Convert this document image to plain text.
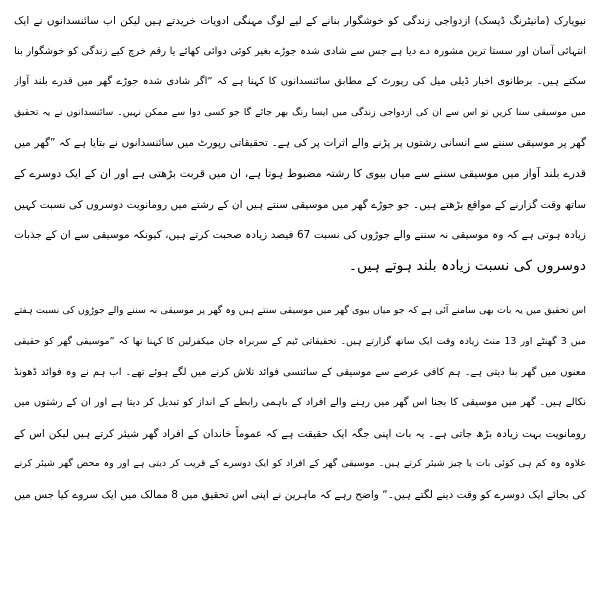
نیویارک (مانیٹرنگ ڈیسک) ازدواجی زندگی کو خوشگوار بنانے کے لیے لوگ مہنگی ادویات خریدتے ہیں لیکن اب سائنسدانوں نے ایک
انتہائی آسان اور سستا ترین مشورہ دے دیا ہے جس سے شادی شدہ جوڑے بغیر کوئی دوائی کھائے یا رقم خرچ کیے زندگی کو خوشگوار بنا
سکتے ہیں۔ برطانوی اخبار ڈیلی میل کی رپورٹ کے مطابق سائنسدانوں کا کہنا ہے کہ ”اگر شادی شدہ جوڑے گھر میں قدرے بلند آواز
میں موسیقی سنا کریں تو اس سے ان کی ازدواجی زندگی میں ایسا رنگ بھر جائے گا جو کسی دوا سے ممکن نہیں۔ سائنسدانوں نے یہ تحقیق
گھر پر موسیقی سننے سے انسانی رشتوں پر پڑنے والے اثرات پر کی ہے۔ تحقیقاتی رپورٹ میں سائنسدانوں نے بتایا ہے کہ ”گھر میں
قدرے بلند آواز میں موسیقی سننے سے میاں بیوی کا رشتہ مضبوط ہوتا ہے، ان میں قربت بڑھتی ہے اور ان کے ایک دوسرے کے
ساتھ وقت گزارنے کے مواقع بڑھتے ہیں۔ جو جوڑے گھر میں موسیقی سنتے ہیں ان کے رشتے میں رومانویت دوسروں کی نسبت کہیں
زیادہ ہوتی ہے کہ وہ موسیقی نہ سننے والے جوڑوں کی نسبت 67 فیصد زیادہ صحبت کرتے ہیں، کیونکہ موسیقی سے ان کے جذبات
دوسروں کی نسبت زیادہ بلند ہوتے ہیں۔
اس تحقیق میں یہ بات بھی سامنے آئی ہے کہ جو میاں بیوی گھر میں موسیقی سنتے ہیں وہ گھر پر موسیقی نہ سننے والے جوڑوں کی نسبت ہفتے
میں 3 گھنٹے اور 13 منٹ زیادہ وقت ایک ساتھ گزارتے ہیں۔ تحقیقاتی ٹیم کے سربراہ جان میکفرلین کا کہنا تھا کہ ”موسیقی گھر کو حقیقی
معنوں میں گھر بنا دیتی ہے۔ ہم کافی عرصے سے موسیقی کے سائنسی فوائد تلاش کرنے میں لگے ہوئے تھے۔ اب ہم نے وہ فوائد ڈھونڈ
نکالے ہیں۔ گھر میں موسیقی کا بجنا اس گھر میں رہنے والے افراد کے باہمی رابطے کے انداز کو تبدیل کر دیتا ہے اور ان کے رشتوں میں
رومانویت بہت زیادہ بڑھ جاتی ہے۔ یہ بات اپنی جگہ ایک حقیقت ہے کہ عموماً خاندان کے افراد گھر شیئر کرتے ہیں لیکن اس کے
علاوہ وہ کم ہی کوئی بات یا چیز شیئر کرتے ہیں۔ موسیقی گھر کے افراد کو ایک دوسرے کے قریب کر دیتی ہے اور وہ محض گھر شیئر کرنے
کی بجائے ایک دوسرے کو وقت دینے لگتے ہیں۔“ واضح رہے کہ ماہرین نے اپنی اس تحقیق میں 8 ممالک میں ایک سروے کیا جس میں
